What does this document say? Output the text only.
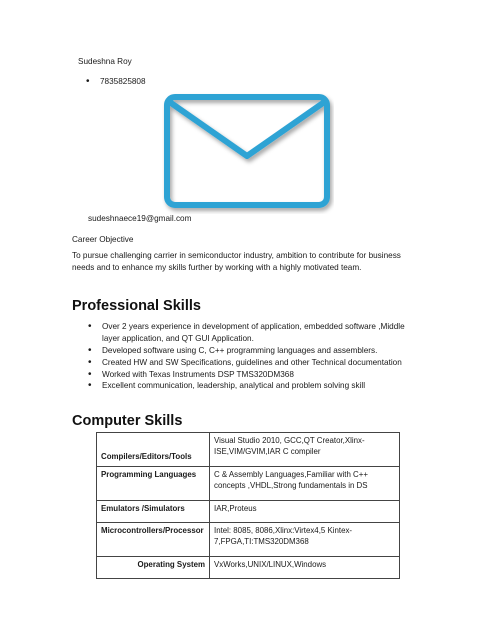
Sudeshna Roy
•7835825808
sudeshnaece19@gmail.com
Career Objective
To pursue challenging carrier in semiconductor industry, ambition to contribute for business needs and to enhance my skills further by working with a highly motivated team.
Professional Skills
• Over 2 years experience in development of application, embedded software ,Middle layer application, and QT GUI Application.
• Developed software using C, C++ programming languages and assemblers.
• Created HW and SW Specifications, guidelines and other Technical documentation
• Worked with Texas Instruments DSP TMS320DM368
• Excellent communication, leadership, analytical and problem solving skill
Computer Skills
Compilers/Editors/Tools	Visual Studio 2010, GCC,QT Creator,Xlinx-ISE,VIM/GVIM,IAR C compiler
Programming Languages	C & Assembly Languages,Familiar with C++ concepts ,VHDL,Strong fundamentals in DS
Emulators /Simulators	IAR,Proteus
Microcontrollers/Processor	Intel: 8085, 8086,Xlinx:Virtex4,5 Kintex-7,FPGA,TI:TMS320DM368
Operating System	VxWorks,UNIX/LINUX,Windows
